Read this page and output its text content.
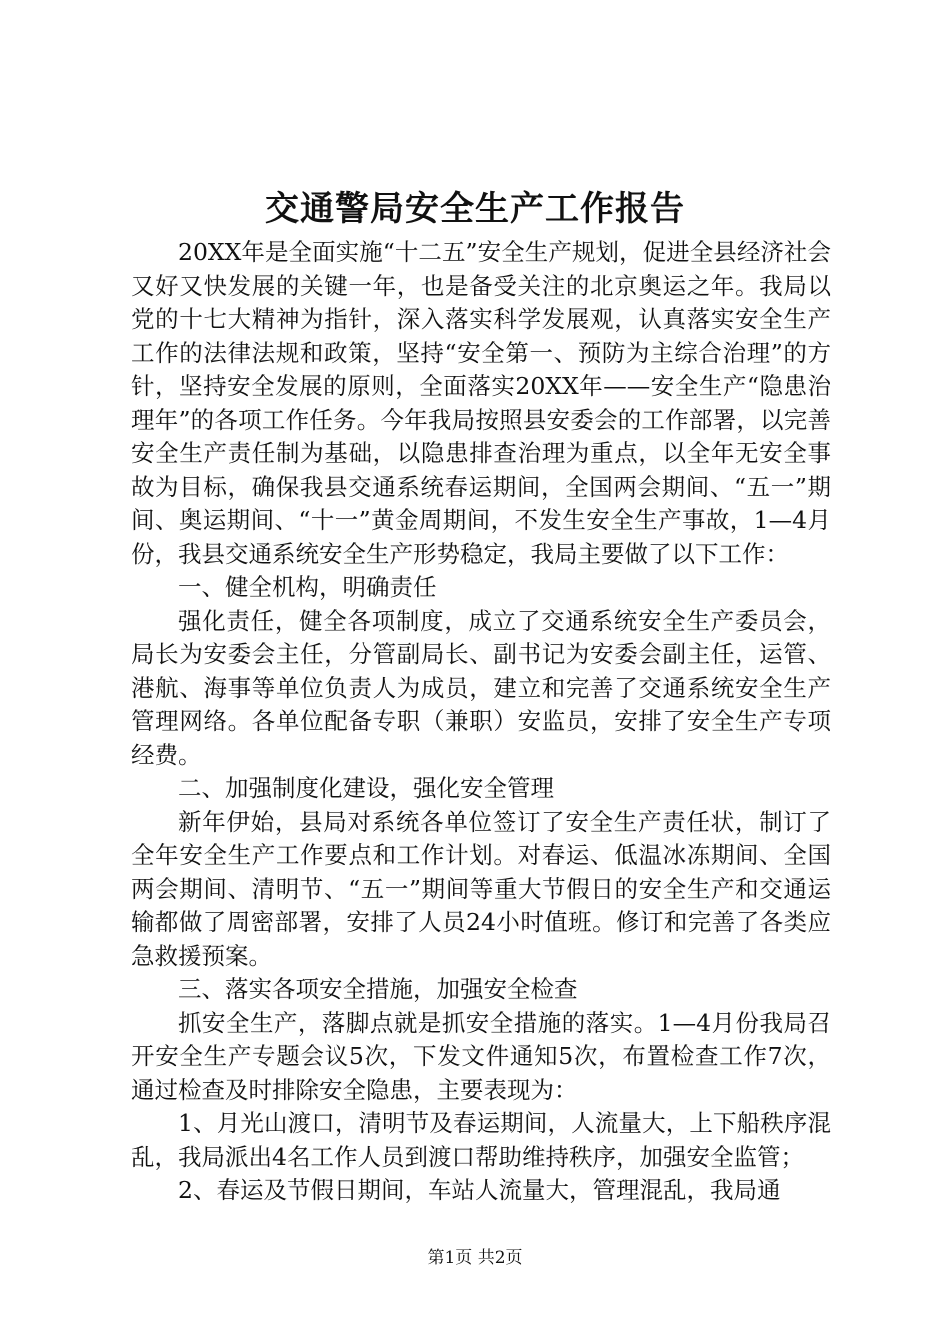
交通警局安全生产工作报告

20XX年是全面实施“十二五”安全生产规划，促进全县经济社会又好又快发展的关键一年，也是备受关注的北京奥运之年。我局以党的十七大精神为指针，深入落实科学发展观，认真落实安全生产工作的法律法规和政策，坚持“安全第一、预防为主综合治理”的方针，坚持安全发展的原则，全面落实20XX年——安全生产“隐患治理年”的各项工作任务。今年我局按照县安委会的工作部署，以完善安全生产责任制为基础，以隐患排查治理为重点，以全年无安全事故为目标，确保我县交通系统春运期间，全国两会期间、“五一”期间、奥运期间、“十一”黄金周期间，不发生安全生产事故，1—4月份，我县交通系统安全生产形势稳定，我局主要做了以下工作：

一、健全机构，明确责任

强化责任，健全各项制度，成立了交通系统安全生产委员会，局长为安委会主任，分管副局长、副书记为安委会副主任，运管、港航、海事等单位负责人为成员，建立和完善了交通系统安全生产管理网络。各单位配备专职（兼职）安监员，安排了安全生产专项经费。

二、加强制度化建设，强化安全管理

新年伊始，县局对系统各单位签订了安全生产责任状，制订了全年安全生产工作要点和工作计划。对春运、低温冰冻期间、全国两会期间、清明节、“五一”期间等重大节假日的安全生产和交通运输都做了周密部署，安排了人员24小时值班。修订和完善了各类应急救援预案。

三、落实各项安全措施，加强安全检查

抓安全生产，落脚点就是抓安全措施的落实。1—4月份我局召开安全生产专题会议5次，下发文件通知5次，布置检查工作7次，通过检查及时排除安全隐患，主要表现为：

1、月光山渡口，清明节及春运期间，人流量大，上下船秩序混乱，我局派出4名工作人员到渡口帮助维持秩序，加强安全监管；

2、春运及节假日期间，车站人流量大，管理混乱，我局通

第1页 共2页
